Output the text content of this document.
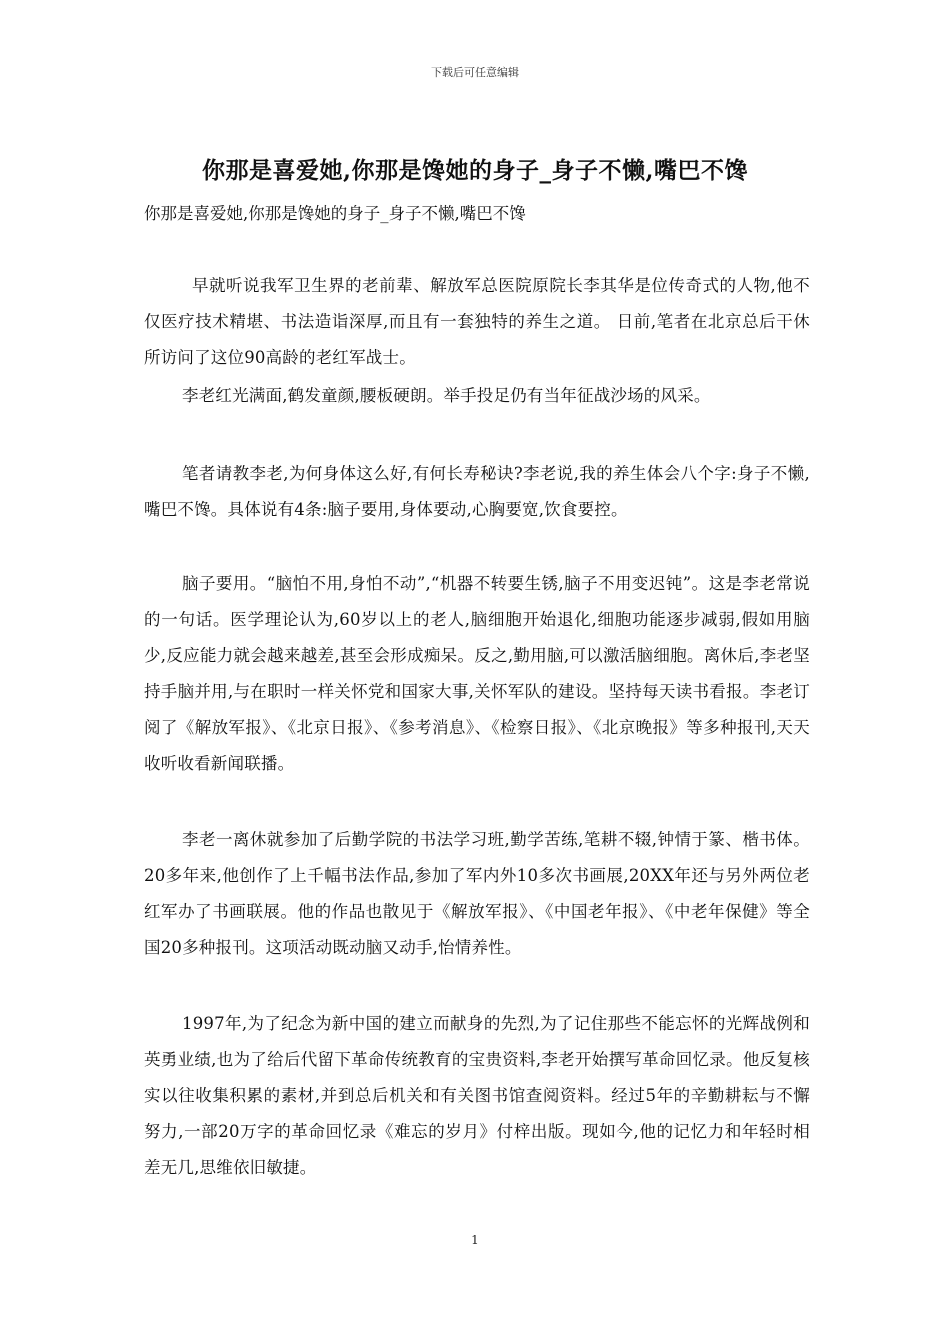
下载后可任意编辑
你那是喜爱她,你那是馋她的身子_身子不懒,嘴巴不馋

你那是喜爱她,你那是馋她的身子_身子不懒,嘴巴不馋

早就听说我军卫生界的老前辈、解放军总医院原院长李其华是位传奇式的人物,他不仅医疗技术精堪、书法造诣深厚,而且有一套独特的养生之道。 日前,笔者在北京总后干休所访问了这位90高龄的老红军战士。

李老红光满面,鹤发童颜,腰板硬朗。举手投足仍有当年征战沙场的风采。

笔者请教李老,为何身体这么好,有何长寿秘诀?李老说,我的养生体会八个字:身子不懒,嘴巴不馋。具体说有4条:脑子要用,身体要动,心胸要宽,饮食要控。

脑子要用。“脑怕不用,身怕不动”,“机器不转要生锈,脑子不用变迟钝”。这是李老常说的一句话。医学理论认为,60岁以上的老人,脑细胞开始退化,细胞功能逐步减弱,假如用脑少,反应能力就会越来越差,甚至会形成痴呆。反之,勤用脑,可以激活脑细胞。离休后,李老坚持手脑并用,与在职时一样关怀党和国家大事,关怀军队的建设。坚持每天读书看报。李老订阅了《解放军报》、《北京日报》、《参考消息》、《检察日报》、《北京晚报》等多种报刊,天天收听收看新闻联播。

李老一离休就参加了后勤学院的书法学习班,勤学苦练,笔耕不辍,钟情于篆、楷书体。20多年来,他创作了上千幅书法作品,参加了军内外10多次书画展,20XX年还与另外两位老红军办了书画联展。他的作品也散见于《解放军报》、《中国老年报》、《中老年保健》等全国20多种报刊。这项活动既动脑又动手,怡情养性。

1997年,为了纪念为新中国的建立而献身的先烈,为了记住那些不能忘怀的光辉战例和英勇业绩,也为了给后代留下革命传统教育的宝贵资料,李老开始撰写革命回忆录。他反复核实以往收集积累的素材,并到总后机关和有关图书馆查阅资料。经过5年的辛勤耕耘与不懈努力,一部20万字的革命回忆录《难忘的岁月》付梓出版。现如今,他的记忆力和年轻时相差无几,思维依旧敏捷。

1
